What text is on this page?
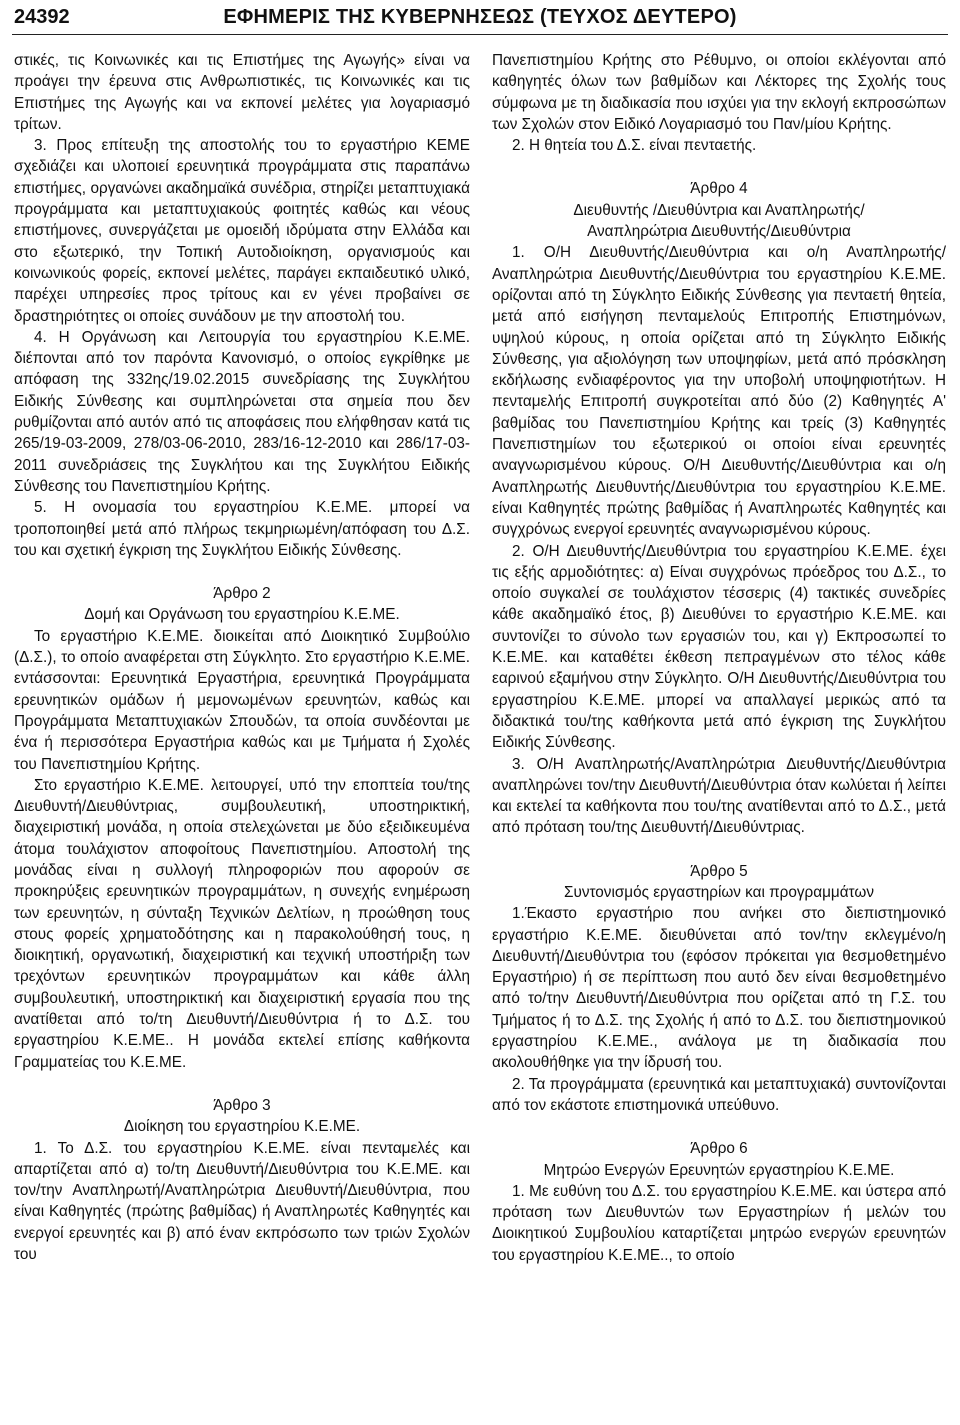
24392	ΕΦΗΜΕΡΙΣ ΤΗΣ ΚΥΒΕΡΝΗΣΕΩΣ (ΤΕΥΧΟΣ ΔΕΥΤΕΡΟ)

στικές, τις Κοινωνικές και τις Επιστήμες της Αγωγής» είναι να προάγει την έρευνα στις Ανθρωπιστικές, τις Κοινωνικές και τις Επιστήμες της Αγωγής και να εκπονεί μελέτες για λογαριασμό τρίτων.

3. Προς επίτευξη της αποστολής του το εργαστήριο ΚΕΜΕ σχεδιάζει και υλοποιεί ερευνητικά προγράμματα στις παραπάνω επιστήμες, οργανώνει ακαδημαϊκά συνέδρια, στηρίζει μεταπτυχιακά προγράμματα και μεταπτυχιακούς φοιτητές καθώς και νέους επιστήμονες, συνεργάζεται με ομοειδή ιδρύματα στην Ελλάδα και στο εξωτερικό, την Τοπική Αυτοδιοίκηση, οργανισμούς και κοινωνικούς φορείς, εκπονεί μελέτες, παράγει εκπαιδευτικό υλικό, παρέχει υπηρεσίες προς τρίτους και εν γένει προβαίνει σε δραστηριότητες οι οποίες συνάδουν με την αποστολή του.

4. Η Οργάνωση και Λειτουργία του εργαστηρίου Κ.Ε.ΜΕ. διέπονται από τον παρόντα Κανονισμό, ο οποίος εγκρίθηκε με απόφαση της 332ης/19.02.2015 συνεδρίασης της Συγκλήτου Ειδικής Σύνθεσης και συμπληρώνεται στα σημεία που δεν ρυθμίζονται από αυτόν από τις αποφάσεις που ελήφθησαν κατά τις 265/19-03-2009, 278/03-06-2010, 283/16-12-2010 και 286/17-03-2011 συνεδριάσεις της Συγκλήτου και της Συγκλήτου Ειδικής Σύνθεσης του Πανεπιστημίου Κρήτης.

5. Η ονομασία του εργαστηρίου Κ.Ε.ΜΕ. μπορεί να τροποποιηθεί μετά από πλήρως τεκμηριωμένη/απόφαση του Δ.Σ. του και σχετική έγκριση της Συγκλήτου Ειδικής Σύνθεσης.

Άρθρο 2

Δομή και Οργάνωση του εργαστηρίου Κ.Ε.ΜΕ.

Το εργαστήριο Κ.Ε.ΜΕ. διοικείται από Διοικητικό Συμβούλιο (Δ.Σ.), το οποίο αναφέρεται στη Σύγκλητο. Στο εργαστήριο Κ.Ε.ΜΕ. εντάσσονται: Ερευνητικά Εργαστήρια, ερευνητικά Προγράμματα ερευνητικών ομάδων ή μεμονωμένων ερευνητών, καθώς και Προγράμματα Μεταπτυχιακών Σπουδών, τα οποία συνδέονται με ένα ή περισσότερα Εργαστήρια καθώς και με Τμήματα ή Σχολές του Πανεπιστημίου Κρήτης.

Στο εργαστήριο Κ.Ε.ΜΕ. λειτουργεί, υπό την εποπτεία του/της Διευθυντή/Διευθύντριας, συμβουλευτική, υποστηρικτική, διαχειριστική μονάδα, η οποία στελεχώνεται με δύο εξειδικευμένα άτομα τουλάχιστον αποφοίτους Πανεπιστημίου. Αποστολή της μονάδας είναι η συλλογή πληροφοριών που αφορούν σε προκηρύξεις ερευνητικών προγραμμάτων, η συνεχής ενημέρωση των ερευνητών, η σύνταξη Τεχνικών Δελτίων, η προώθηση τους στους φορείς χρηματοδότησης και η παρακολούθησή τους, η διοικητική, οργανωτική, διαχειριστική και τεχνική υποστήριξη των τρεχόντων ερευνητικών προγραμμάτων και κάθε άλλη συμβουλευτική, υποστηρικτική και διαχειριστική εργασία που της ανατίθεται από το/τη Διευθυντή/Διευθύντρια ή το Δ.Σ. του εργαστηρίου Κ.Ε.ΜΕ.. Η μονάδα εκτελεί επίσης καθήκοντα Γραμματείας του Κ.Ε.ΜΕ.

Άρθρο 3

Διοίκηση του εργαστηρίου Κ.Ε.ΜΕ.

1. Το Δ.Σ. του εργαστηρίου Κ.Ε.ΜΕ. είναι πενταμελές και απαρτίζεται από α) το/τη Διευθυντή/Διευθύντρια του Κ.Ε.ΜΕ. και τον/την Αναπληρωτή/Αναπληρώτρια Διευθυντή/Διευθύντρια, που είναι Καθηγητές (πρώτης βαθμίδας) ή Αναπληρωτές Καθηγητές και ενεργοί ερευνητές και β) από έναν εκπρόσωπο των τριών Σχολών του

Πανεπιστημίου Κρήτης στο Ρέθυμνο, οι οποίοι εκλέγονται από καθηγητές όλων των βαθμίδων και Λέκτορες της Σχολής τους σύμφωνα με τη διαδικασία που ισχύει για την εκλογή εκπροσώπων των Σχολών στον Ειδικό Λογαριασμό του Παν/μίου Κρήτης.

2. Η θητεία του Δ.Σ. είναι πενταετής.

Άρθρο 4

Διευθυντής /Διευθύντρια και Αναπληρωτής/

Αναπληρώτρια Διευθυντής/Διευθύντρια

1. Ο/Η Διευθυντής/Διευθύντρια και ο/η Αναπληρωτής/Αναπληρώτρια Διευθυντής/Διευθύντρια του εργαστηρίου Κ.Ε.ΜΕ. ορίζονται από τη Σύγκλητο Ειδικής Σύνθεσης για πενταετή θητεία, μετά από εισήγηση πενταμελούς Επιτροπής Επιστημόνων, υψηλού κύρους, η οποία ορίζεται από τη Σύγκλητο Ειδικής Σύνθεσης, για αξιολόγηση των υποψηφίων, μετά από πρόσκληση εκδήλωσης ενδιαφέροντος για την υποβολή υποψηφιοτήτων. Η πενταμελής Επιτροπή συγκροτείται από δύο (2) Καθηγητές Α' βαθμίδας του Πανεπιστημίου Κρήτης και τρείς (3) Καθηγητές Πανεπιστημίων του εξωτερικού οι οποίοι είναι ερευνητές αναγνωρισμένου κύρους. Ο/Η Διευθυντής/Διευθύντρια και ο/η Αναπληρωτής Διευθυντής/Διευθύντρια του εργαστηρίου Κ.Ε.ΜΕ. είναι Καθηγητές πρώτης βαθμίδας ή Αναπληρωτές Καθηγητές και συγχρόνως ενεργοί ερευνητές αναγνωρισμένου κύρους.

2. Ο/Η Διευθυντής/Διευθύντρια του εργαστηρίου Κ.Ε.ΜΕ. έχει τις εξής αρμοδιότητες: α) Είναι συγχρόνως πρόεδρος του Δ.Σ., το οποίο συγκαλεί σε τουλάχιστον τέσσερις (4) τακτικές συνεδρίες κάθε ακαδημαϊκό έτος, β) Διευθύνει το εργαστήριο Κ.Ε.ΜΕ. και συντονίζει το σύνολο των εργασιών του, και γ) Εκπροσωπεί το Κ.Ε.ΜΕ. και καταθέτει έκθεση πεπραγμένων στο τέλος κάθε εαρινού εξαμήνου στην Σύγκλητο. Ο/Η Διευθυντής/Διευθύντρια του εργαστηρίου Κ.Ε.ΜΕ. μπορεί να απαλλαγεί μερικώς από τα διδακτικά του/της καθήκοντα μετά από έγκριση της Συγκλήτου Ειδικής Σύνθεσης.

3. Ο/Η Αναπληρωτής/Αναπληρώτρια Διευθυντής/Διευθύντρια αναπληρώνει τον/την Διευθυντή/Διευθύντρια όταν κωλύεται ή λείπει και εκτελεί τα καθήκοντα που του/της ανατίθενται από το Δ.Σ., μετά από πρόταση του/της Διευθυντή/Διευθύντριας.

Άρθρο 5

Συντονισμός εργαστηρίων και προγραμμάτων

1.Έκαστο εργαστήριο που ανήκει στο διεπιστημονικό εργαστήριο Κ.Ε.ΜΕ. διευθύνεται από τον/την εκλεγμένο/η Διευθυντή/Διευθύντρια του (εφόσον πρόκειται για θεσμοθετημένο Εργαστήριο) ή σε περίπτωση που αυτό δεν είναι θεσμοθετημένο από το/την Διευθυντή/Διευθύντρια που ορίζεται από τη Γ.Σ. του Τμήματος ή το Δ.Σ. της Σχολής ή από το Δ.Σ. του διεπιστημονικού εργαστηρίου Κ.Ε.ΜΕ., ανάλογα με τη διαδικασία που ακολουθήθηκε για την ίδρυσή του.

2. Τα προγράμματα (ερευνητικά και μεταπτυχιακά) συντονίζονται από τον εκάστοτε επιστημονικά υπεύθυνο.

Άρθρο 6

Μητρώο Ενεργών Ερευνητών εργαστηρίου Κ.Ε.ΜΕ.

1. Με ευθύνη του Δ.Σ. του εργαστηρίου Κ.Ε.ΜΕ. και ύστερα από πρόταση των Διευθυντών των Εργαστηρίων ή μελών του Διοικητικού Συμβουλίου καταρτίζεται μητρώο ενεργών ερευνητών του εργαστηρίου Κ.Ε.ΜΕ.., το οποίο
